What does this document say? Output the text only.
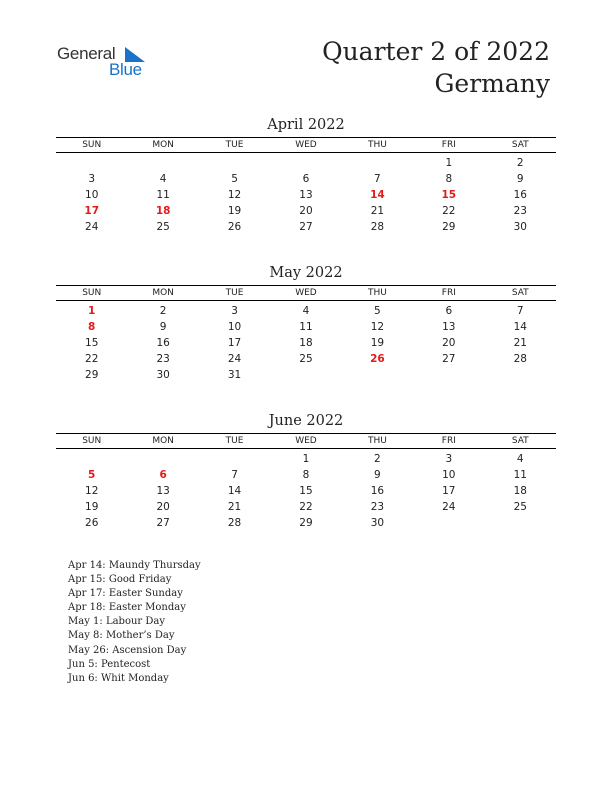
General
Blue
Quarter 2 of 2022
Germany
April 2022
SUN	MON	TUE	WED	THU	FRI	SAT
					1	2
3	4	5	6	7	8	9
10	11	12	13	14	15	16
17	18	19	20	21	22	23
24	25	26	27	28	29	30
May 2022
SUN	MON	TUE	WED	THU	FRI	SAT
1	2	3	4	5	6	7
8	9	10	11	12	13	14
15	16	17	18	19	20	21
22	23	24	25	26	27	28
29	30	31				
June 2022
SUN	MON	TUE	WED	THU	FRI	SAT
			1	2	3	4
5	6	7	8	9	10	11
12	13	14	15	16	17	18
19	20	21	22	23	24	25
26	27	28	29	30		
Apr 14: Maundy Thursday
Apr 15: Good Friday
Apr 17: Easter Sunday
Apr 18: Easter Monday
May 1: Labour Day
May 8: Mother’s Day
May 26: Ascension Day
Jun 5: Pentecost
Jun 6: Whit Monday
